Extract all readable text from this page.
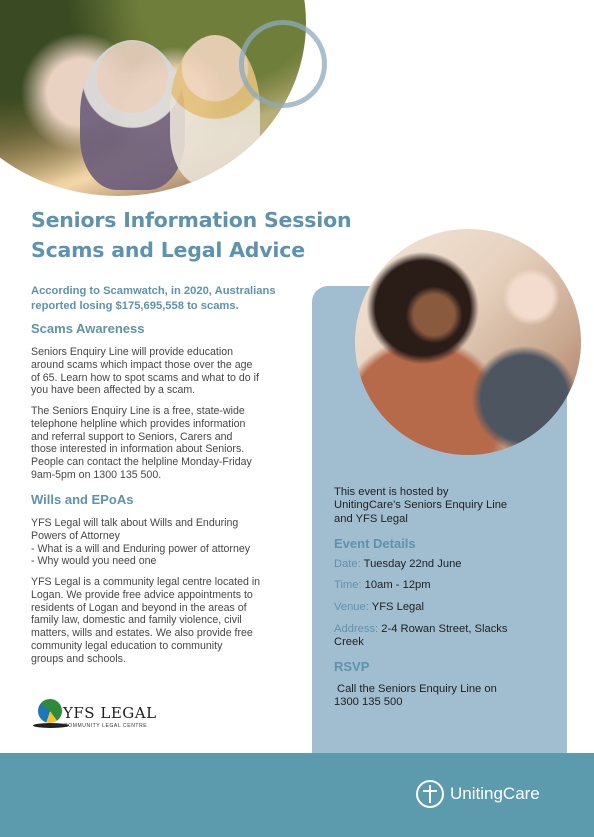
Seniors Information Session
Scams and Legal Advice
According to Scamwatch, in 2020, Australians
reported losing $175,695,558 to scams.
Scams Awareness
Seniors Enquiry Line will provide education
around scams which impact those over the age
of 65. Learn how to spot scams and what to do if
you have been affected by a scam.
The Seniors Enquiry Line is a free, state-wide
telephone helpline which provides information
and referral support to Seniors, Carers and
those interested in information about Seniors.
People can contact the helpline Monday-Friday
9am-5pm on 1300 135 500.
Wills and EPoAs
YFS Legal will talk about Wills and Enduring
Powers of Attorney
- What is a will and Enduring power of attorney
- Why would you need one
YFS Legal is a community legal centre located in
Logan. We provide free advice appointments to
residents of Logan and beyond in the areas of
family law, domestic and family violence, civil
matters, wills and estates. We also provide free
community legal education to community
groups and schools.
YFS LEGAL
COMMUNITY LEGAL CENTRE
This event is hosted by
UnitingCare's Seniors Enquiry Line
and YFS Legal
Event Details
Date: Tuesday 22nd June
Time: 10am - 12pm
Venue: YFS Legal
Address: 2-4 Rowan Street, Slacks
Creek
RSVP
Call the Seniors Enquiry Line on
1300 135 500
UnitingCare
